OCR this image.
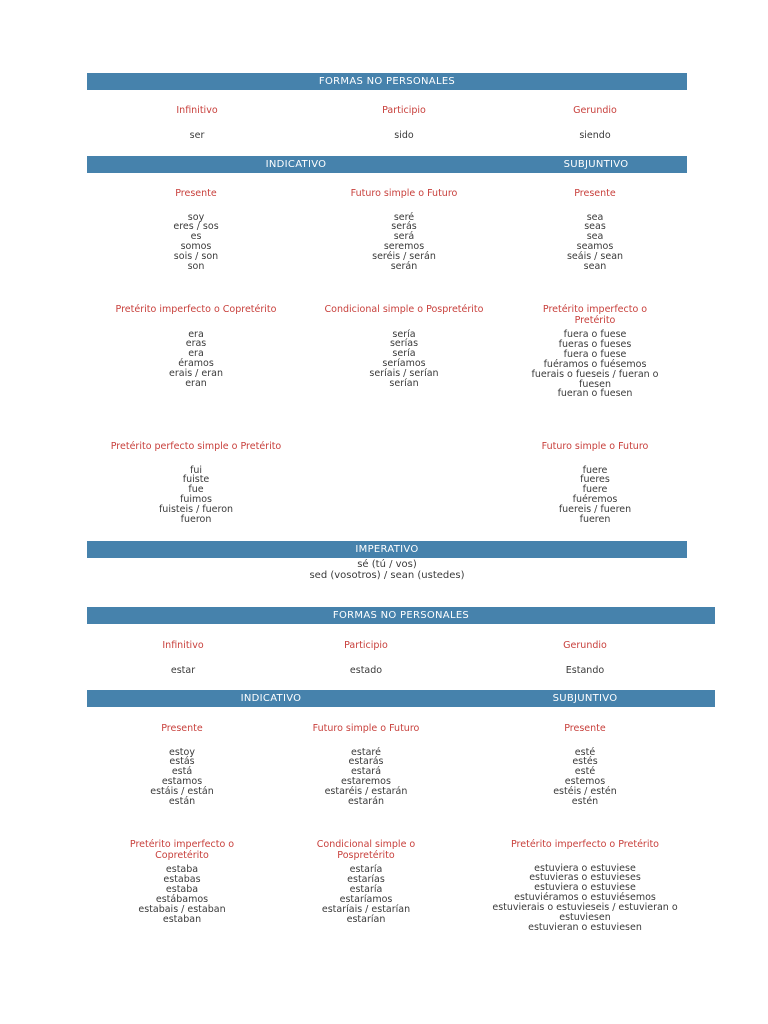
FORMAS NO PERSONALES
Infinitivo
ser
Participio
sido
Gerundio
siendo
INDICATIVO	SUBJUNTIVO
Presente
soy
eres / sos
es
somos
sois / son
son
Futuro simple o Futuro
seré
serás
será
seremos
seréis / serán
serán
Presente
sea
seas
sea
seamos
seáis / sean
sean
Pretérito imperfecto o Copretérito
era
eras
era
éramos
erais / eran
eran
Condicional simple o Pospretérito
sería
serías
sería
seríamos
seríais / serían
serían
Pretérito imperfecto o
Pretérito
fuera o fuese
fueras o fueses
fuera o fuese
fuéramos o fuésemos
fuerais o fueseis / fueran o
fuesen
fueran o fuesen
Pretérito perfecto simple o Pretérito
fui
fuiste
fue
fuimos
fuisteis / fueron
fueron
Futuro simple o Futuro
fuere
fueres
fuere
fuéremos
fuereis / fueren
fueren
IMPERATIVO
sé (tú / vos)
sed (vosotros) / sean (ustedes)
FORMAS NO PERSONALES
Infinitivo
estar
Participio
estado
Gerundio
Estando
INDICATIVO	SUBJUNTIVO
Presente
estoy
estás
está
estamos
estáis / están
están
Futuro simple o Futuro
estaré
estarás
estará
estaremos
estaréis / estarán
estarán
Presente
esté
estés
esté
estemos
estéis / estén
estén
Pretérito imperfecto o
Copretérito
estaba
estabas
estaba
estábamos
estabais / estaban
estaban
Condicional simple o
Pospretérito
estaría
estarías
estaría
estaríamos
estaríais / estarían
estarían
Pretérito imperfecto o Pretérito
estuviera o estuviese
estuvieras o estuvieses
estuviera o estuviese
estuviéramos o estuviésemos
estuvierais o estuvieseis / estuvieran o
estuviesen
estuvieran o estuviesen
